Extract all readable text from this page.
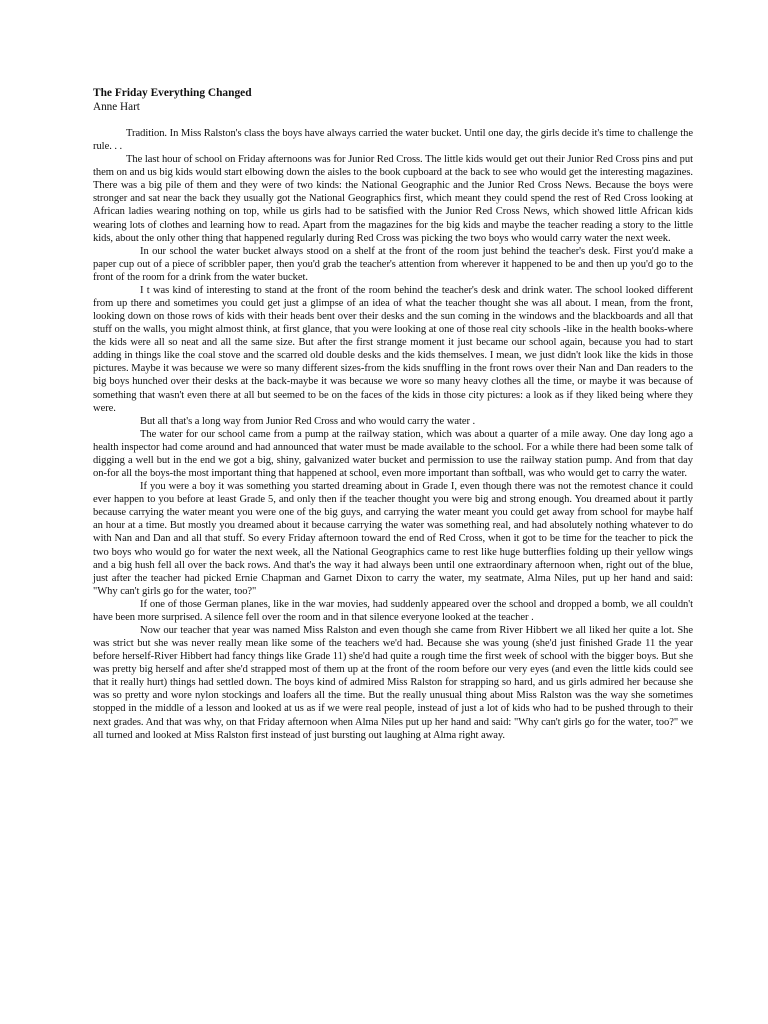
The Friday Everything Changed

Anne Hart

Tradition. In Miss Ralston's class the boys have always carried the water bucket. Until one day, the girls decide it's time to challenge the rule. . .

The last hour of school on Friday afternoons was for Junior Red Cross. The little kids would get out their Junior Red Cross pins and put them on and us big kids would start elbowing down the aisles to the book cupboard at the back to see who would get the interesting magazines. There was a big pile of them and they were of two kinds: the National Geographic and the Junior Red Cross News. Because the boys were stronger and sat near the back they usually got the National Geographics first, which meant they could spend the rest of Red Cross looking at African ladies wearing nothing on top, while us girls had to be satisfied with the Junior Red Cross News, which showed little African kids wearing lots of clothes and learning how to read. Apart from the magazines for the big kids and maybe the teacher reading a story to the little kids, about the only other thing that happened regularly during Red Cross was picking the two boys who would carry water the next week.

In our school the water bucket always stood on a shelf at the front of the room just behind the teacher's desk. First you'd make a paper cup out of a piece of scribbler paper, then you'd grab the teacher's attention from wherever it happened to be and then up you'd go to the front of the room for a drink from the water bucket.

I t was kind of interesting to stand at the front of the room behind the teacher's desk and drink water. The school looked different from up there and sometimes you could get just a glimpse of an idea of what the teacher thought she was all about. I mean, from the front, looking down on those rows of kids with their heads bent over their desks and the sun coming in the windows and the blackboards and all that stuff on the walls, you might almost think, at first glance, that you were looking at one of those real city schools -like in the health books-where the kids were all so neat and all the same size. But after the first strange moment it just became our school again, because you had to start adding in things like the coal stove and the scarred old double desks and the kids themselves. I mean, we just didn't look like the kids in those pictures. Maybe it was because we were so many different sizes-from the kids snuffling in the front rows over their Nan and Dan readers to the big boys hunched over their desks at the back-maybe it was because we wore so many heavy clothes all the time, or maybe it was because of something that wasn't even there at all but seemed to be on the faces of the kids in those city pictures: a look as if they liked being where they were.

But all that's a long way from Junior Red Cross and who would carry the water .

The water for our school came from a pump at the railway station, which was about a quarter of a mile away. One day long ago a health inspector had come around and had announced that water must be made available to the school. For a while there had been some talk of digging a well but in the end we got a big, shiny, galvanized water bucket and permission to use the railway station pump. And from that day on-for all the boys-the most important thing that happened at school, even more important than softball, was who would get to carry the water.

If you were a boy it was something you started dreaming about in Grade I, even though there was not the remotest chance it could ever happen to you before at least Grade 5, and only then if the teacher thought you were big and strong enough. You dreamed about it partly because carrying the water meant you were one of the big guys, and carrying the water meant you could get away from school for maybe half an hour at a time. But mostly you dreamed about it because carrying the water was something real, and had absolutely nothing whatever to do with Nan and Dan and all that stuff. So every Friday afternoon toward the end of Red Cross, when it got to be time for the teacher to pick the two boys who would go for water the next week, all the National Geographics came to rest like huge butterflies folding up their yellow wings and a big hush fell all over the back rows. And that's the way it had always been until one extraordinary afternoon when, right out of the blue, just after the teacher had picked Ernie Chapman and Garnet Dixon to carry the water, my seatmate, Alma Niles, put up her hand and said: "Why can't girls go for the water, too?"

If one of those German planes, like in the war movies, had suddenly appeared over the school and dropped a bomb, we all couldn't have been more surprised. A silence fell over the room and in that silence everyone looked at the teacher .

Now our teacher that year was named Miss Ralston and even though she came from River Hibbert we all liked her quite a lot. She was strict but she was never really mean like some of the teachers we'd had. Because she was young (she'd just finished Grade 11 the year before herself-River Hibbert had fancy things like Grade 11) she'd had quite a rough time the first week of school with the bigger boys. But she was pretty big herself and after she'd strapped most of them up at the front of the room before our very eyes (and even the little kids could see that it really hurt) things had settled down. The boys kind of admired Miss Ralston for strapping so hard, and us girls admired her because she was so pretty and wore nylon stockings and loafers all the time. But the really unusual thing about Miss Ralston was the way she sometimes stopped in the middle of a lesson and looked at us as if we were real people, instead of just a lot of kids who had to be pushed through to their next grades. And that was why, on that Friday afternoon when Alma Niles put up her hand and said: "Why can't girls go for the water, too?" we all turned and looked at Miss Ralston first instead of just bursting out laughing at Alma right away.
